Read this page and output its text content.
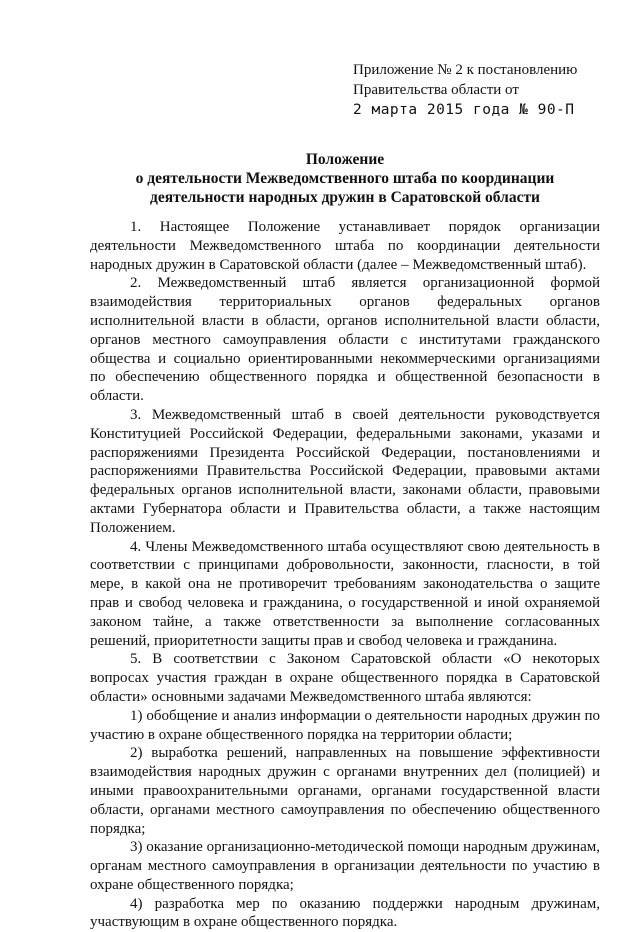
Приложение № 2 к постановлению
Правительства области от
2 марта 2015 года № 90-П
Положение
о деятельности Межведомственного штаба по координации
деятельности народных дружин в Саратовской области

1. Настоящее Положение устанавливает порядок организации деятельности Межведомственного штаба по координации деятельности народных дружин в Саратовской области (далее – Межведомственный штаб).

2. Межведомственный штаб является организационной формой взаимодействия территориальных органов федеральных органов исполнительной власти в области, органов исполнительной власти области, органов местного самоуправления области с институтами гражданского общества и социально ориентированными некоммерческими организациями по обеспечению общественного порядка и общественной безопасности в области.

3. Межведомственный штаб в своей деятельности руководствуется Конституцией Российской Федерации, федеральными законами, указами и распоряжениями Президента Российской Федерации, постановлениями и распоряжениями Правительства Российской Федерации, правовыми актами федеральных органов исполнительной власти, законами области, правовыми актами Губернатора области и Правительства области, а также настоящим Положением.

4. Члены Межведомственного штаба осуществляют свою деятельность в соответствии с принципами добровольности, законности, гласности, в той мере, в какой она не противоречит требованиям законодательства о защите прав и свобод человека и гражданина, о государственной и иной охраняемой законом тайне, а также ответственности за выполнение согласованных решений, приоритетности защиты прав и свобод человека и гражданина.

5. В соответствии с Законом Саратовской области «О некоторых вопросах участия граждан в охране общественного порядка в Саратовской области» основными задачами Межведомственного штаба являются:

1) обобщение и анализ информации о деятельности народных дружин по участию в охране общественного порядка на территории области;

2) выработка решений, направленных на повышение эффективности взаимодействия народных дружин с органами внутренних дел (полицией) и иными правоохранительными органами, органами государственной власти области, органами местного самоуправления по обеспечению общественного порядка;

3) оказание организационно-методической помощи народным дружинам, органам местного самоуправления в организации деятельности по участию в охране общественного порядка;

4) разработка мер по оказанию поддержки народным дружинам, участвующим в охране общественного порядка.
